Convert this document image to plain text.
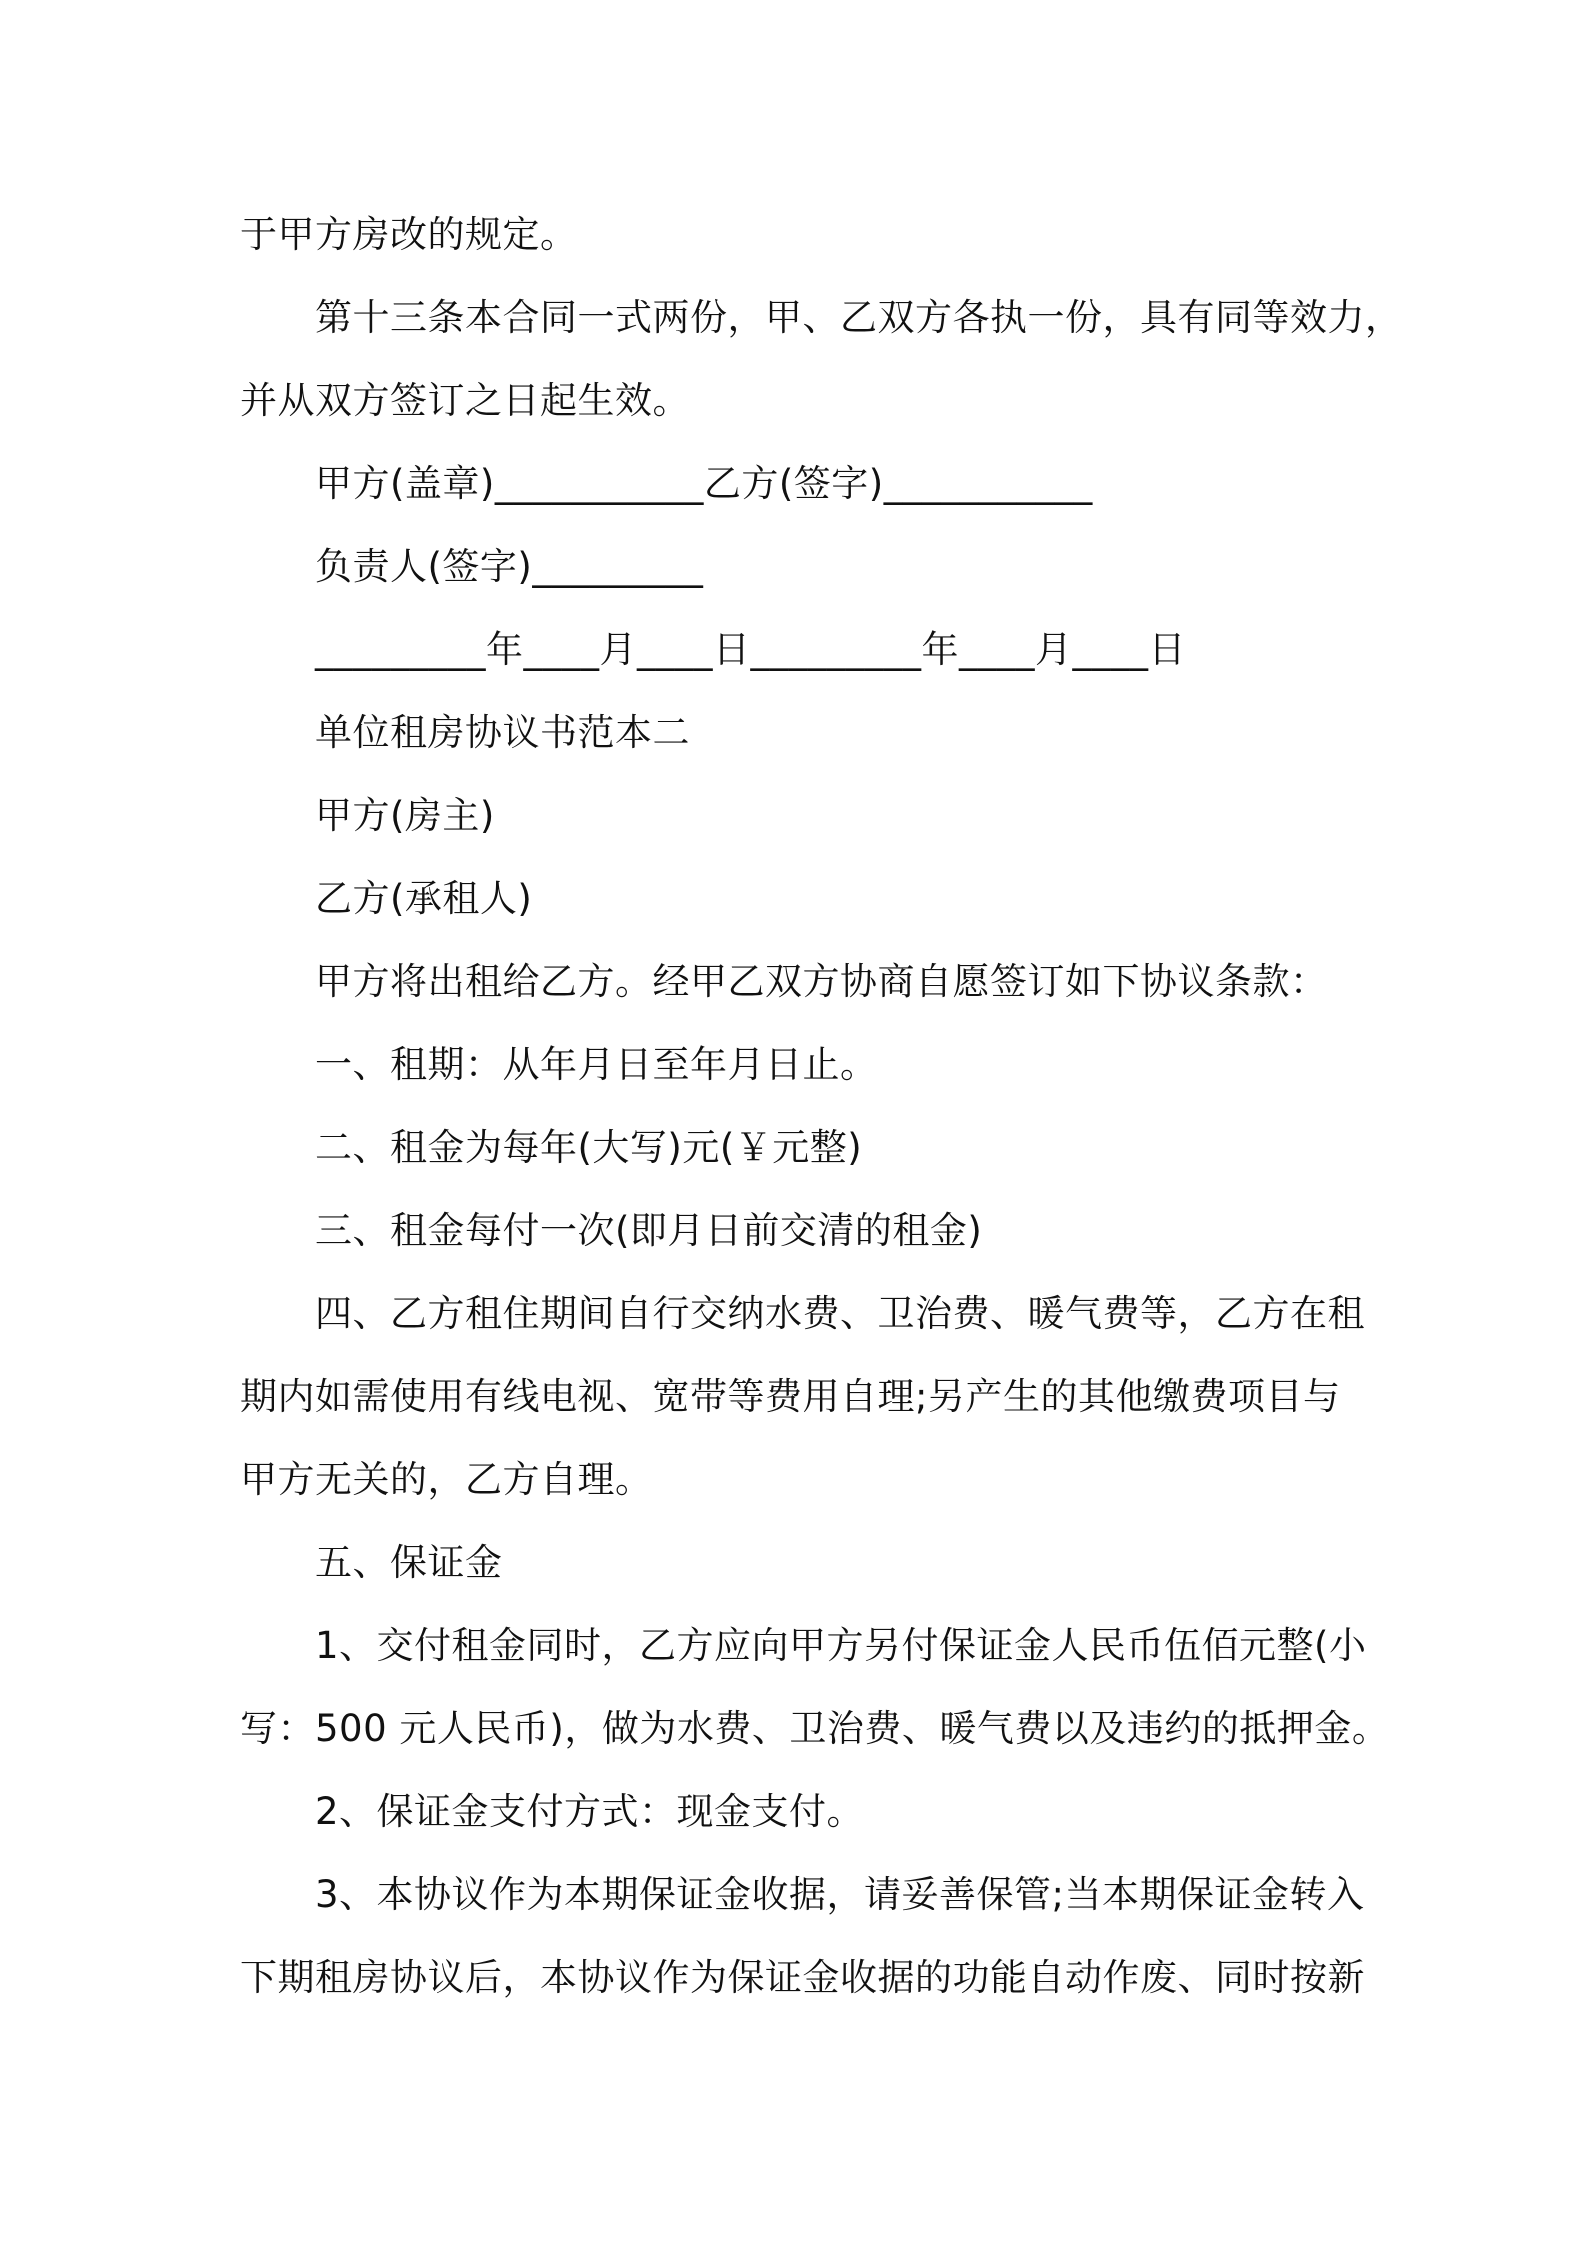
于甲方房改的规定。

第十三条本合同一式两份，甲、乙双方各执一份，具有同等效力，
并从双方签订之日起生效。

甲方(盖章)___________乙方(签字)___________

负责人(签字)_________

_________年____月____日_________年____月____日

单位租房协议书范本二

甲方(房主)

乙方(承租人)

甲方将出租给乙方。经甲乙双方协商自愿签订如下协议条款：

一、租期：从年月日至年月日止。

二、租金为每年(大写)元(￥元整)

三、租金每付一次(即月日前交清的租金)

四、乙方租住期间自行交纳水费、卫治费、暖气费等，乙方在租
期内如需使用有线电视、宽带等费用自理;另产生的其他缴费项目与
甲方无关的，乙方自理。

五、保证金

1、交付租金同时，乙方应向甲方另付保证金人民币伍佰元整(小
写：500 元人民币)，做为水费、卫治费、暖气费以及违约的抵押金。

2、保证金支付方式：现金支付。

3、本协议作为本期保证金收据，请妥善保管;当本期保证金转入
下期租房协议后，本协议作为保证金收据的功能自动作废、同时按新
